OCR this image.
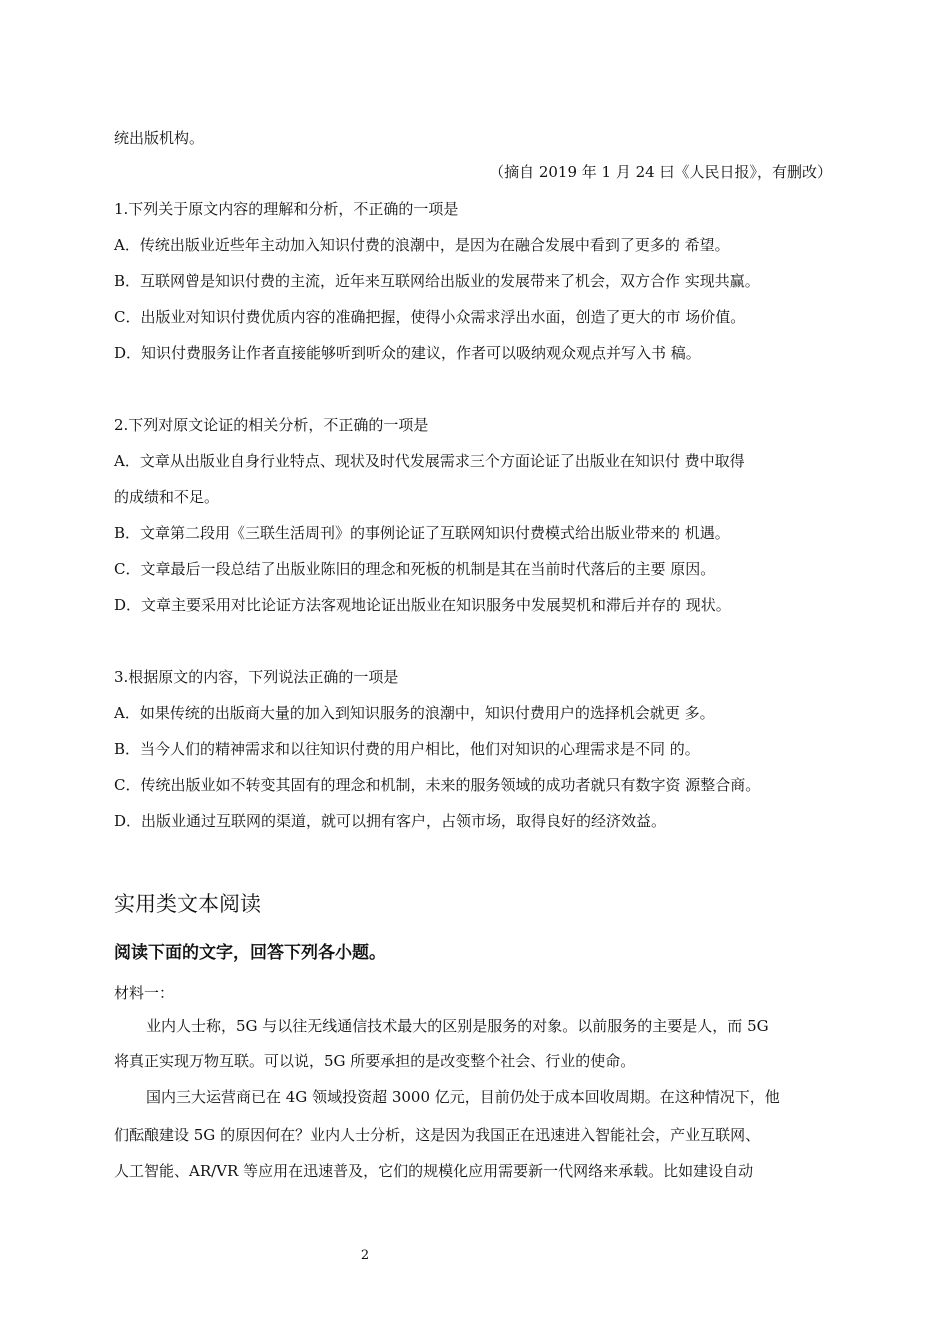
统出版机构。
（摘自 2019 年 1 月 24 曰《人民日报》，有删改）
1.下列关于原文内容的理解和分析，不正确的一项是
A．传统出版业近些年主动加入知识付费的浪潮中，是因为在融合发展中看到了更多的 希望。
B．互联网曾是知识付费的主流，近年来互联网给出版业的发展带来了机会，双方合作 实现共赢。
C．出版业对知识付费优质内容的准确把握，使得小众需求浮出水面，创造了更大的市 场价值。
D．知识付费服务让作者直接能够听到听众的建议，作者可以吸纳观众观点并写入书 稿。
2.下列对原文论证的相关分析，不正确的一项是
A．文章从出版业自身行业特点、现状及时代发展需求三个方面论证了出版业在知识付 费中取得
的成绩和不足。
B．文章第二段用《三联生活周刊》的事例论证了互联网知识付费模式给出版业带来的 机遇。
C．文章最后一段总结了出版业陈旧的理念和死板的机制是其在当前时代落后的主要 原因。
D．文章主要采用对比论证方法客观地论证出版业在知识服务中发展契机和滞后并存的 现状。
3.根据原文的内容，下列说法正确的一项是
A．如果传统的出版商大量的加入到知识服务的浪潮中，知识付费用户的选择机会就更 多。
B．当今人们的精神需求和以往知识付费的用户相比，他们对知识的心理需求是不同 的。
C．传统出版业如不转变其固有的理念和机制，未来的服务领域的成功者就只有数字资 源整合商。
D．出版业通过互联网的渠道，就可以拥有客户，占领市场，取得良好的经济效益。
实用类文本阅读
阅读下面的文字，回答下列各小题。
材料一：
业内人士称，5G 与以往无线通信技术最大的区别是服务的对象。以前服务的主要是人，而 5G
将真正实现万物互联。可以说，5G 所要承担的是改变整个社会、行业的使命。
国内三大运营商已在 4G 领域投资超 3000 亿元，目前仍处于成本回收周期。在这种情况下，他
们酝酿建设 5G 的原因何在？业内人士分析，这是因为我国正在迅速进入智能社会，产业互联网、
人工智能、AR/VR 等应用在迅速普及，它们的规模化应用需要新一代网络来承载。比如建设自动
2
